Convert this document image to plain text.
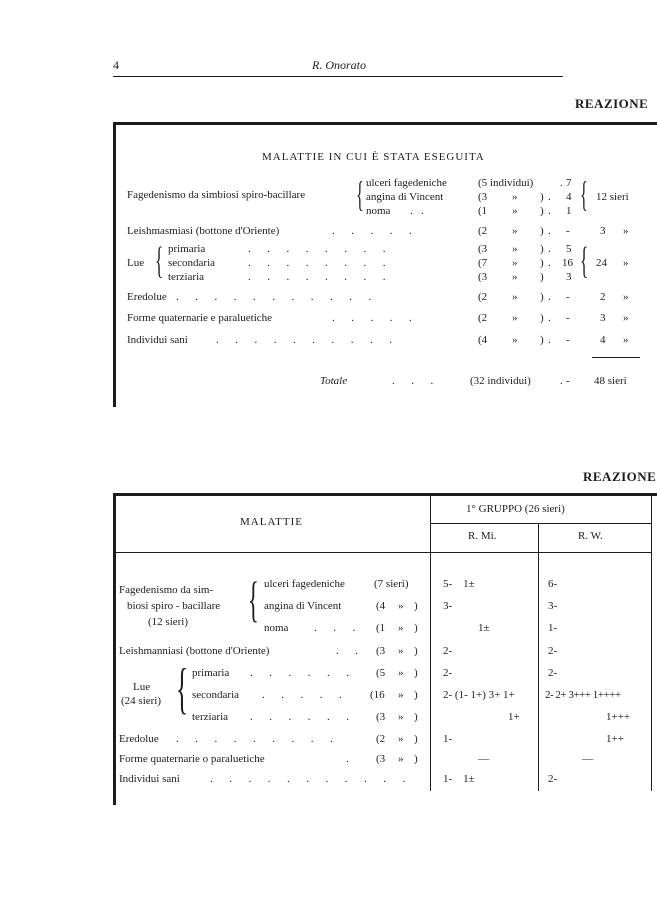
4	R. Onorato
REAZIONE
MALATTIE IN CUI È STATA ESEGUITA
Fagedenismo da simbiosi spiro-bacillare { ulceri fagedeniche	(5 individui) . 7
angina di Vincent	(3 » ) . 4
noma .   .	(1 » ) . 1 { 12 sieri
Leishmasmiasi (bottone d'Oriente)	.      .      .      .      .	(2 » ) . -	3 »
Lue { primaria	.      .      .      .      .      .      .      .	(3 » ) . 5
secondaria	.      .      .      .      .      .      .      .	(7 » ) . 16
terziaria	.      .      .      .      .      .      .      .	(3 » ) 3 { 24 »
Eredolue .      .      .      .      .      .      .      .      .      .      .	(2 » ) . -	2 »
Forme quaternarie e paraluetiche	.      .      .      .      .	(2 » ) . -	3 »
Individui sani	.      .      .      .      .      .      .      .      .      .	(4 » ) . -	4 »
Totale	.      .      .	(32 individui)	. - 48 sieri
REAZIONE
MALATTIE
1° GRUPPO (26 sieri)
R. Mi.	R. W.
Fagedenismo da sim-
biosi spiro - bacillare
(12 sieri) { ulceri fagedeniche	(7 sieri)	5-    1±	6-
angina di Vincent	(4 » ) 3-	3-
noma .      .      . (1 » )	1±	1-
Leishmanniasi (bottone d'Oriente)	.      . (3 » ) 2-	2-
Lue
(24 sieri) { primaria .      .      .      .      .      . (5 » ) 2-	2-
secondaria .      .      .      .      .	(16 » ) 2- (1- 1+) 3+ 1+	2- 2+ 3+++ 1++++
terziaria .      .      .      .      .      . (3 » )	1+	1+++
Eredolue .      .      .      .      .      .      .      .      .	(2 » ) 1-	1++
Forme quaternarie o paraluetiche	. (3 » )	—	—
Individui sani	.      .      .      .      .      .      .      .      .      .      .	1-    1±	2-
